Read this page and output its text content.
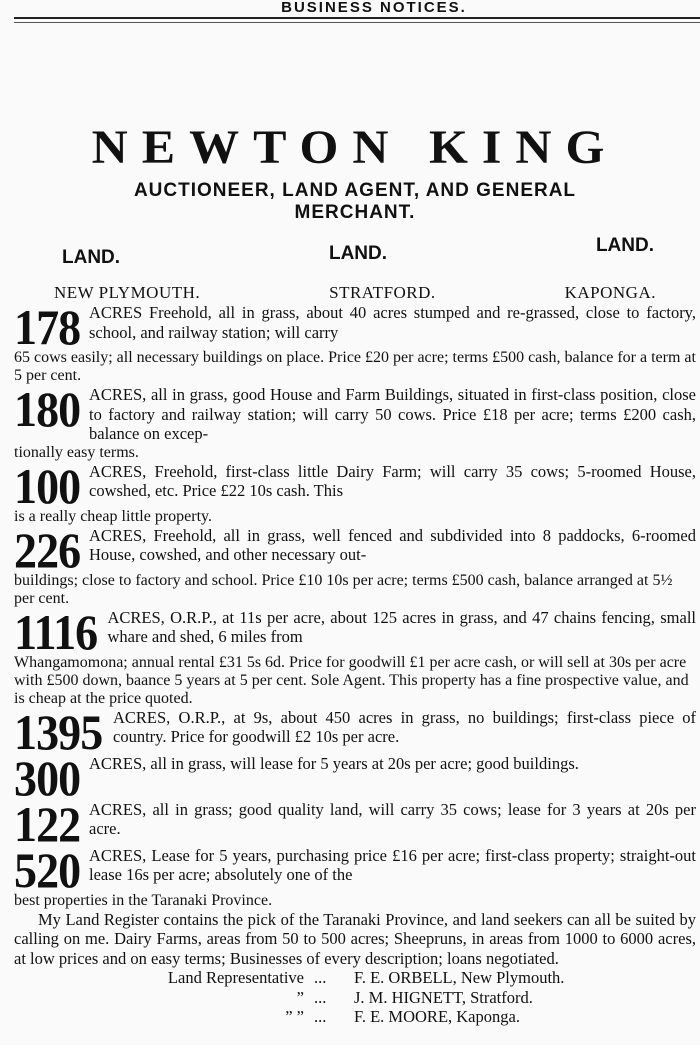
BUSINESS NOTICES.
NEWTON KING
AUCTIONEER, LAND AGENT, AND GENERAL
MERCHANT.
LAND.	LAND.	LAND.
NEW PLYMOUTH.	STRATFORD.	KAPONGA.
178 ACRES Freehold, all in grass, about 40 acres stumped and re-grassed, close to factory, school, and railway station; will carry
65 cows easily; all necessary buildings on place. Price £20 per acre; terms £500 cash, balance for a term at 5 per cent.
180 ACRES, all in grass, good House and Farm Buildings, situated in first-class position, close to factory and railway station; will carry 50 cows. Price £18 per acre; terms £200 cash, balance on excep-
tionally easy terms.
100 ACRES, Freehold, first-class little Dairy Farm; will carry 35 cows; 5-roomed House, cowshed, etc. Price £22 10s cash. This
is a really cheap little property.
226 ACRES, Freehold, all in grass, well fenced and subdivided into 8 paddocks, 6-roomed House, cowshed, and other necessary out-
buildings; close to factory and school. Price £10 10s per acre; terms £500 cash, balance arranged at 5½ per cent.
1116 ACRES, O.R.P., at 11s per acre, about 125 acres in grass, and 47 chains fencing, small whare and shed, 6 miles from
Whangamomona; annual rental £31 5s 6d. Price for goodwill £1 per acre cash, or will sell at 30s per acre with £500 down, baance 5 years at 5 per cent. Sole Agent. This property has a fine prospective value, and is cheap at the price quoted.
1395 ACRES, O.R.P., at 9s, about 450 acres in grass, no buildings; first-class piece of country. Price for goodwill £2 10s per acre.
300 ACRES, all in grass, will lease for 5 years at 20s per acre; good buildings.
122 ACRES, all in grass; good quality land, will carry 35 cows; lease for 3 years at 20s per acre.
520 ACRES, Lease for 5 years, purchasing price £16 per acre; first-class property; straight-out lease 16s per acre; absolutely one of the
best properties in the Taranaki Province.
My Land Register contains the pick of the Taranaki Province, and land seekers can all be suited by calling on me. Dairy Farms, areas from 50 to 500 acres; Sheepruns, in areas from 1000 to 6000 acres, at low prices and on easy terms; Businesses of every description; loans negotiated.
Land Representative ...	F. E. ORBELL, New Plymouth.
” ...	J. M. HIGNETT, Stratford.
” ” ...	F. E. MOORE, Kaponga.
